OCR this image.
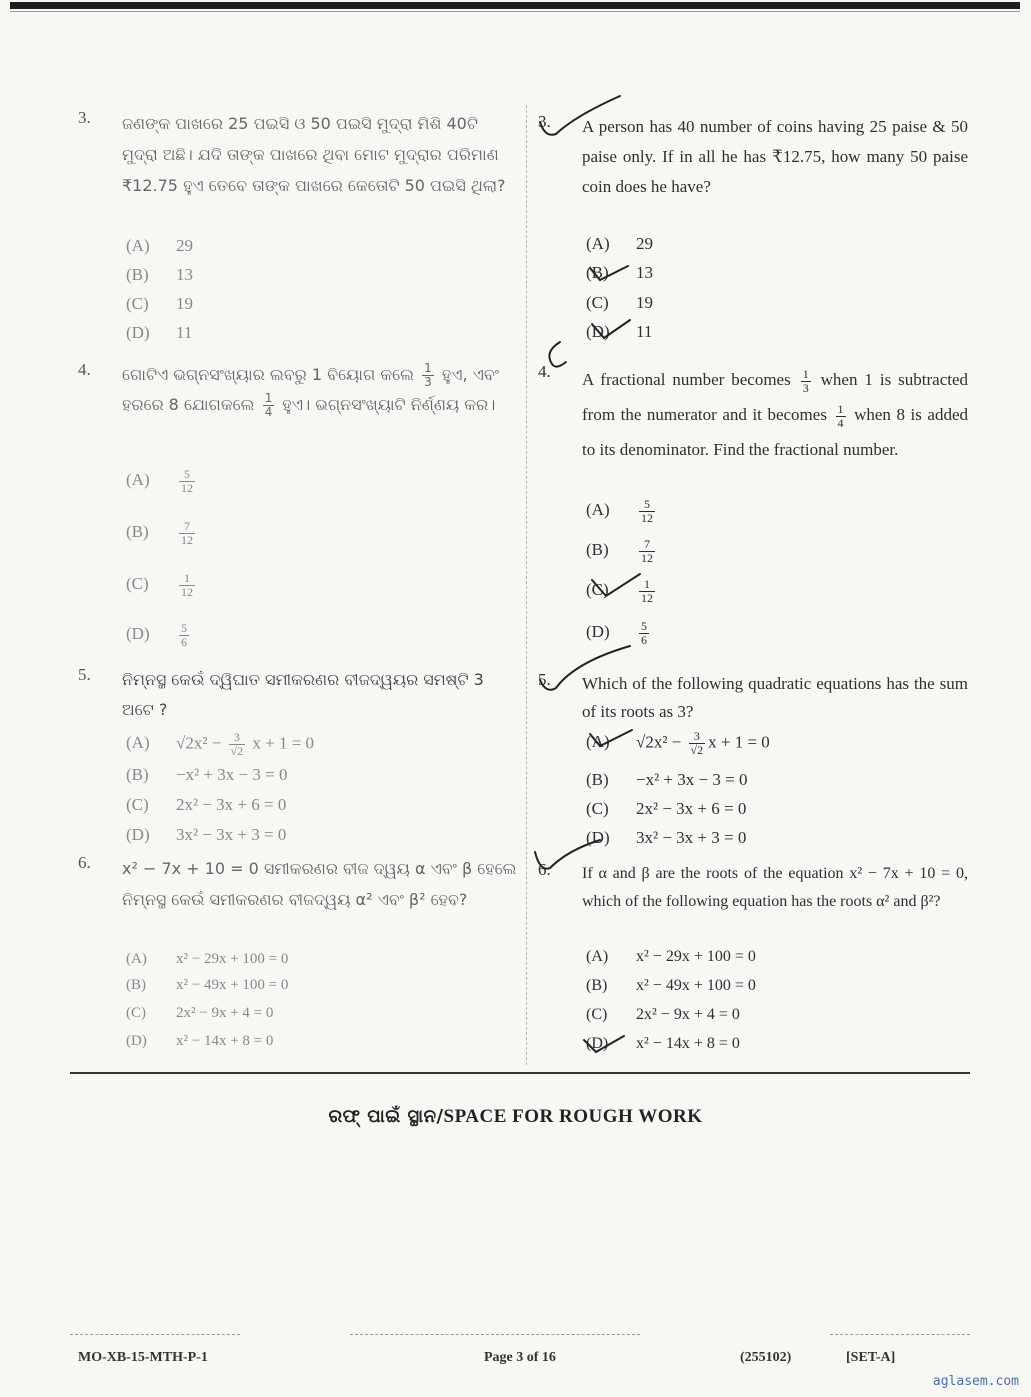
3. ଜଣଙ୍କ ପାଖରେ 25 ପଇସି ଓ 50 ପଇସି ମୁଦ୍ରା ମିଶି 40ଟି ମୁଦ୍ରା ଅଛି। ଯଦି ତାଙ୍କ ପାଖରେ ଥିବା ମୋଟ ମୁଦ୍ରାର ପରିମାଣ ₹12.75 ହୁଏ ତେବେ ତାଙ୍କ ପାଖରେ କେତୋଟି 50 ପଇସି ଥିଲା?
(A) 29
(B) 13
(C) 19
(D) 11
4. ଗୋଟିଏ ଭଗ୍ନସଂଖ୍ୟାର ଲବରୁ 1 ବିୟୋଗ କଲେ $\frac{1}{3}$ ହୁଏ, ଏବଂ ହରରେ 8 ଯୋଗକଲେ $\frac{1}{4}$ ହୁଏ। ଭଗ୍ନସଂଖ୍ୟାଟି ନିର୍ଣ୍ଣୟ କର।
$(A) \frac{5}{12}$
(B)	$\frac{7}{12}$
(C)	$\frac{1}{12}$
$(D) \frac{5}{6}$
5. ନିମ୍ନସ୍ଥ କେଉଁ ଦ୍ୱିଘାତ ସମୀକରଣର ବୀଜଦ୍ୱୟର ସମଷ୍ଟି 3 ଅଟେ ?
(A) $√2x^2 - \frac{3}{√2}$ x + 1 = 0
(B) −x² + 3x − 3 = 0
(C) 2x² − 3x + 6 = 0
(D) 3x² − 3x + 3 = 0
6. x² − 7x + 10 = 0 ସମୀକରଣର ବୀଜ ଦ୍ୱୟ α ଏବଂ β ହେଲେ ନିମ୍ନସ୍ଥ କେଉଁ ସମୀକରଣର ବୀଜଦ୍ୱୟ α² ଏବଂ β² ହେବ?
(A) x² − 29x + 100 = 0
(B) x² − 49x + 100 = 0
(C) 2x² − 9x + 4 = 0
(D) x² − 14x + 8 = 0
3. A person has 40 number of coins having 25 paise & 50 paise only. If in all he has ₹12.75, how many 50 paise coin does he have?
(A) 29
(B) 13
(C) 19
(D) 11
4. A fractional number becomes $\frac{1}{3}$ when 1 is subtracted from the numerator and it becomes $\frac{1}{4}$ when 8 is added to its denominator. Find the fractional number.
$(A) \frac{5}{12}$
(B)	$\frac{7}{12}$
(C)	$\frac{1}{12}$
$(D) \frac{5}{6}$
5. Which of the following quadratic equations has the sum of its roots as 3?
(A) $√2x^2 - \frac{3}{√2}$ x + 1 = 0
(B) −x² + 3x − 3 = 0
(C) 2x² − 3x + 6 = 0
(D) 3x² − 3x + 3 = 0
6. If α and β are the roots of the equation x² − 7x + 10 = 0, which of the following equation has the roots α² and β²?
(A) x² − 29x + 100 = 0
(B) x² − 49x + 100 = 0
(C) 2x² − 9x + 4 = 0
(D) x² − 14x + 8 = 0
ରଫ୍ ପାଇଁ ସ୍ଥାନ/SPACE FOR ROUGH WORK
MO-XB-15-MTH-P-1	Page 3 of 16	(255102)	[SET-A]
aglasem.com
